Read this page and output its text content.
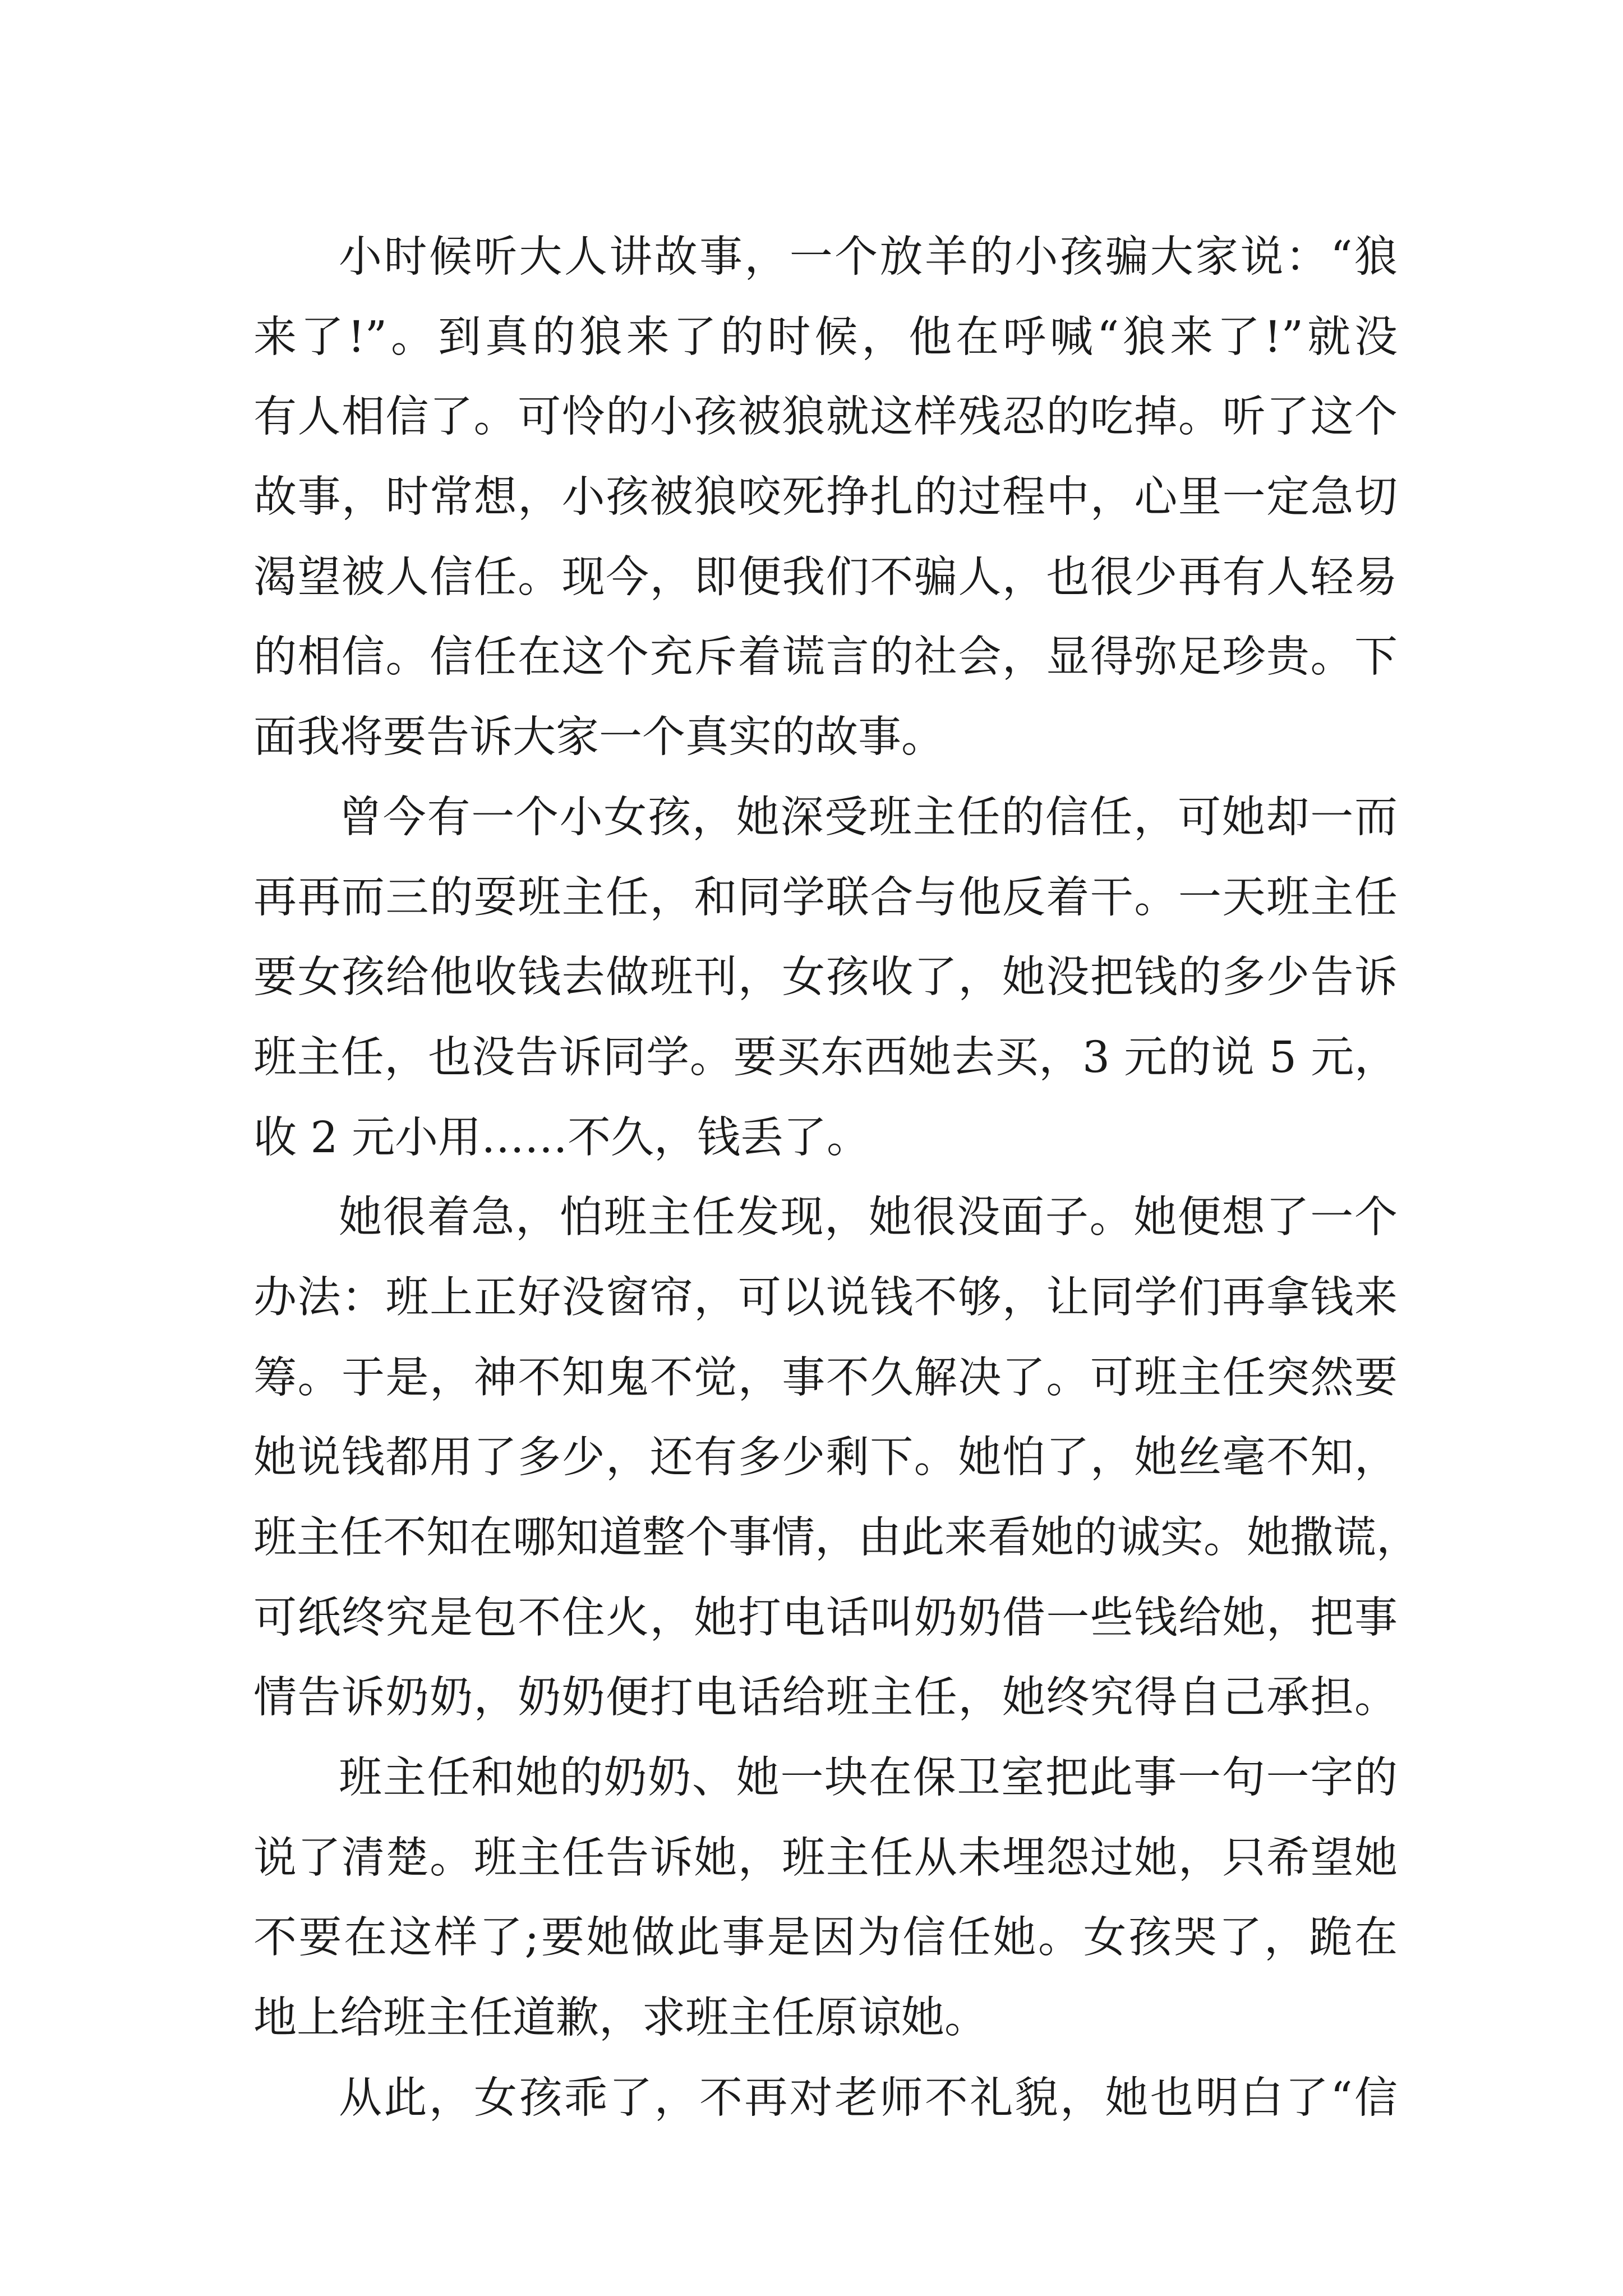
小时候听大人讲故事，一个放羊的小孩骗大家说：“狼
来了!”。到真的狼来了的时候，他在呼喊“狼来了!”就没
有人相信了。可怜的小孩被狼就这样残忍的吃掉。听了这个
故事，时常想，小孩被狼咬死挣扎的过程中，心里一定急切
渴望被人信任。现今，即便我们不骗人，也很少再有人轻易
的相信。信任在这个充斥着谎言的社会，显得弥足珍贵。下
面我将要告诉大家一个真实的故事。
曾今有一个小女孩，她深受班主任的信任，可她却一而
再再而三的耍班主任，和同学联合与他反着干。一天班主任
要女孩给他收钱去做班刊，女孩收了，她没把钱的多少告诉
班主任，也没告诉同学。要买东西她去买，3 元的说 5 元，
收 2 元小用……不久，钱丢了。
她很着急，怕班主任发现，她很没面子。她便想了一个
办法：班上正好没窗帘，可以说钱不够，让同学们再拿钱来
筹。于是，神不知鬼不觉，事不久解决了。可班主任突然要
她说钱都用了多少，还有多少剩下。她怕了，她丝毫不知，
班主任不知在哪知道整个事情，由此来看她的诚实。她撒谎，
可纸终究是包不住火，她打电话叫奶奶借一些钱给她，把事
情告诉奶奶，奶奶便打电话给班主任，她终究得自己承担。
班主任和她的奶奶、她一块在保卫室把此事一句一字的
说了清楚。班主任告诉她，班主任从未埋怨过她，只希望她
不要在这样了;要她做此事是因为信任她。女孩哭了，跪在
地上给班主任道歉，求班主任原谅她。
从此，女孩乖了，不再对老师不礼貌，她也明白了“信
